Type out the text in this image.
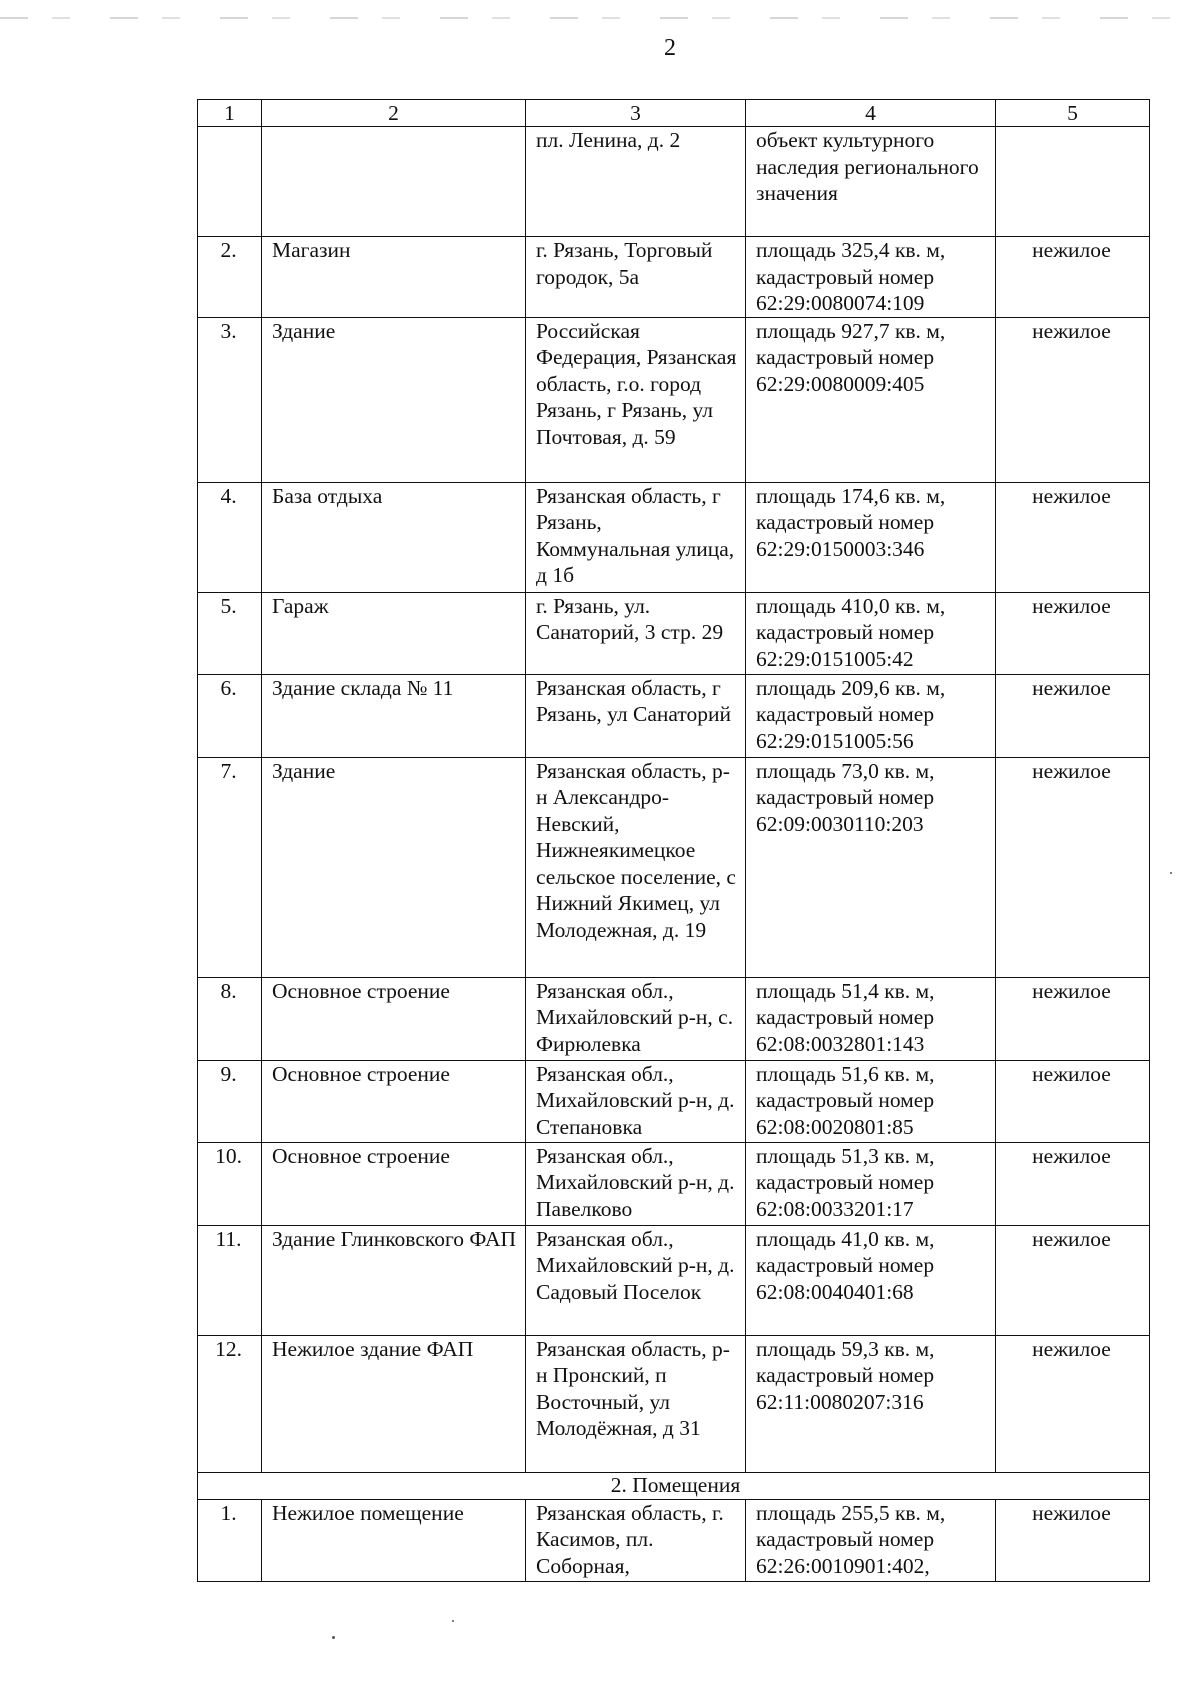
2
1	2	3	4	5
		пл. Ленина, д. 2	объект культурного наследия регионального значения	
2.	Магазин	г. Рязань, Торговый городок, 5а	площадь 325,4 кв. м, кадастровый номер 62:29:0080074:109	нежилое
3.	Здание	Российская Федерация, Рязанская область, г.о. город Рязань, г Рязань, ул Почтовая, д. 59	площадь 927,7 кв. м, кадастровый номер 62:29:0080009:405	нежилое
4.	База отдыха	Рязанская область, г Рязань, Коммунальная улица, д 1б	площадь 174,6 кв. м, кадастровый номер 62:29:0150003:346	нежилое
5.	Гараж	г. Рязань, ул. Санаторий, 3 стр. 29	площадь 410,0 кв. м, кадастровый номер 62:29:0151005:42	нежилое
6.	Здание склада № 11	Рязанская область, г Рязань, ул Санаторий	площадь 209,6 кв. м, кадастровый номер 62:29:0151005:56	нежилое
7.	Здание	Рязанская область, р-н Александро-Невский, Нижнеякимецкое сельское поселение, с Нижний Якимец, ул Молодежная, д. 19	площадь 73,0 кв. м, кадастровый номер 62:09:0030110:203	нежилое
8.	Основное строение	Рязанская обл., Михайловский р-н, с. Фирюлевка	площадь 51,4 кв. м, кадастровый номер 62:08:0032801:143	нежилое
9.	Основное строение	Рязанская обл., Михайловский р-н, д. Степановка	площадь 51,6 кв. м, кадастровый номер 62:08:0020801:85	нежилое
10.	Основное строение	Рязанская обл., Михайловский р-н, д. Павелково	площадь 51,3 кв. м, кадастровый номер 62:08:0033201:17	нежилое
11.	Здание Глинковского ФАП	Рязанская обл., Михайловский р-н, д. Садовый Поселок	площадь 41,0 кв. м, кадастровый номер 62:08:0040401:68	нежилое
12.	Нежилое здание ФАП	Рязанская область, р-н Пронский, п Восточный, ул Молодёжная, д 31	площадь 59,3 кв. м, кадастровый номер 62:11:0080207:316	нежилое
2. Помещения				
1.	Нежилое помещение	Рязанская область, г. Касимов, пл. Соборная,	площадь 255,5 кв. м, кадастровый номер 62:26:0010901:402,	нежилое
